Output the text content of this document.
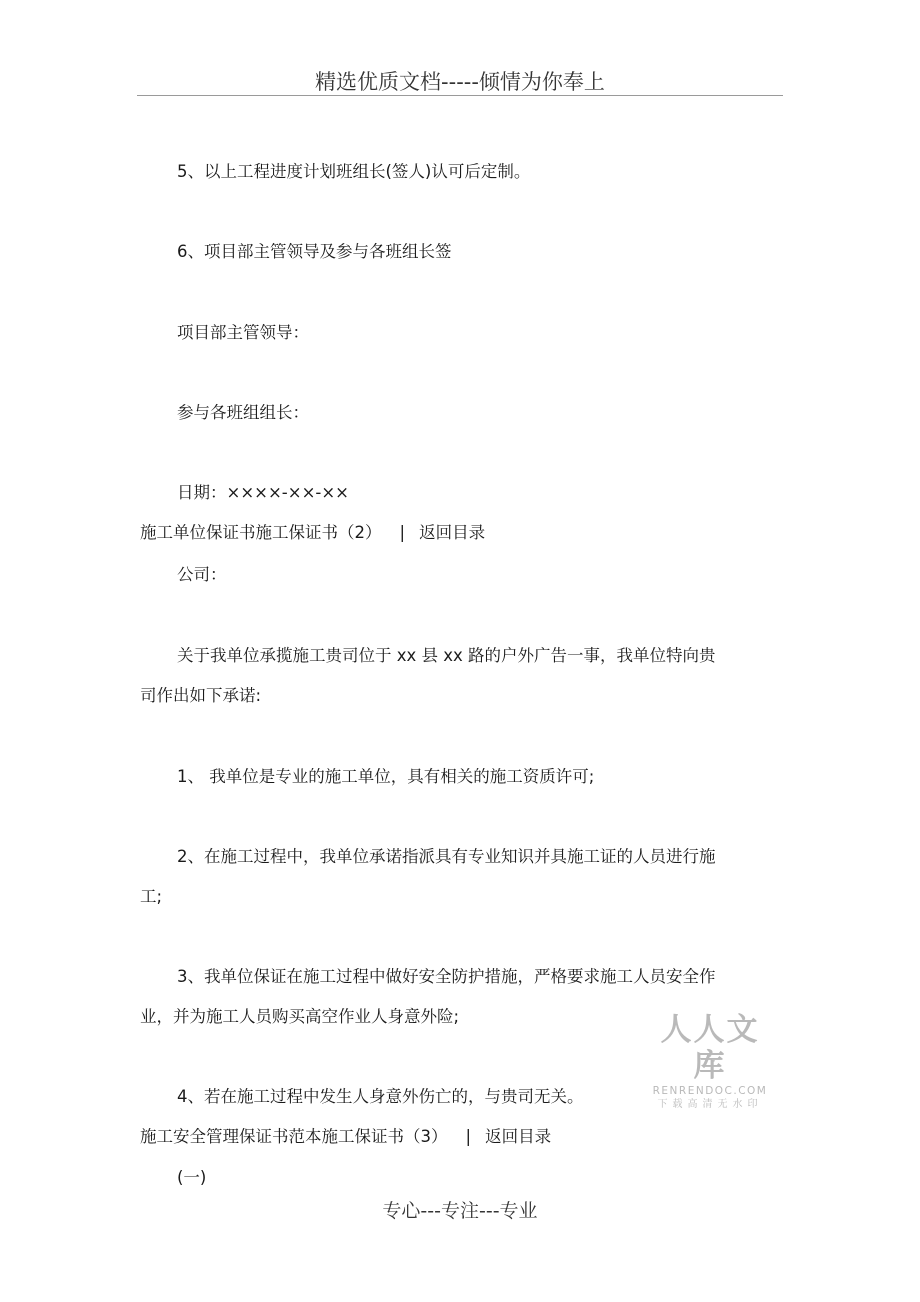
精选优质文档-----倾情为你奉上
5、以上工程进度计划班组长(签人)认可后定制。
6、项目部主管领导及参与各班组长签
项目部主管领导：
参与各班组组长：
日期：××××-××-××
施工单位保证书施工保证书（2） | 返回目录
公司：
关于我单位承揽施工贵司位于 xx 县 xx 路的户外广告一事，我单位特向贵
司作出如下承诺:
1、 我单位是专业的施工单位，具有相关的施工资质许可;
2、在施工过程中，我单位承诺指派具有专业知识并具施工证的人员进行施
工;
3、我单位保证在施工过程中做好安全防护措施，严格要求施工人员安全作
业，并为施工人员购买高空作业人身意外险;
4、若在施工过程中发生人身意外伤亡的，与贵司无关。
施工安全管理保证书范本施工保证书（3） | 返回目录
(一)
人人文库
RENRENDOC.COM
下载高清无水印
专心---专注---专业
